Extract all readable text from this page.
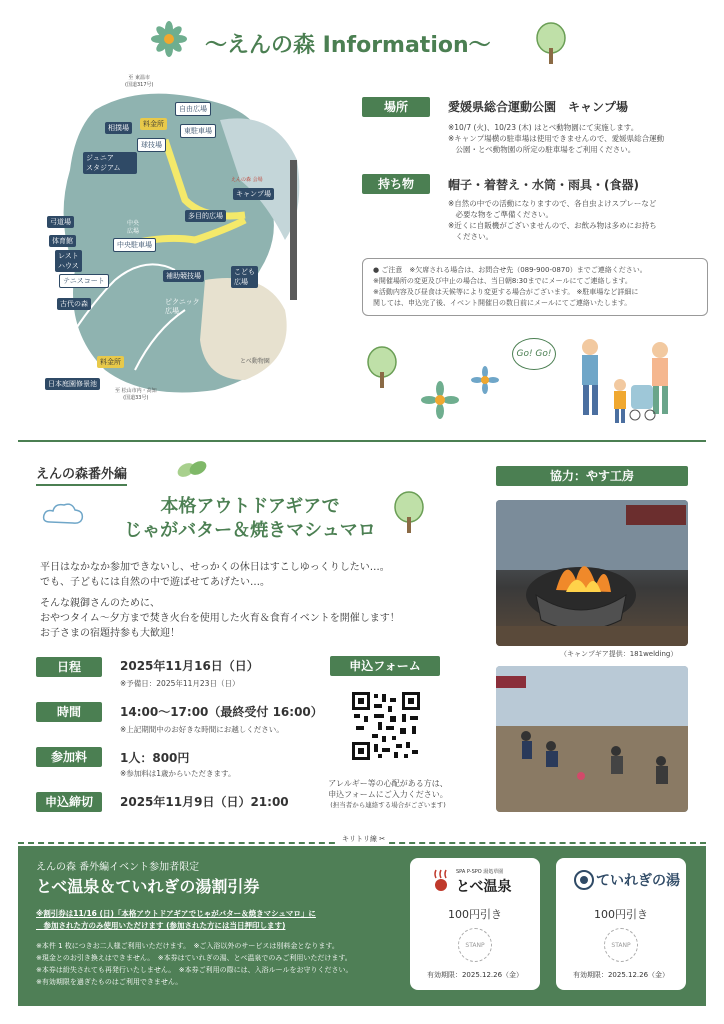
〜えんの森 Information〜
自由広場
料金所
相撲場
球技場
東駐車場
ジュニア
スタジアム
弓道場
体育館
レスト
ハウス
テニスコート
キャンプ場
多目的広場
中央駐車場
補助競技場	こども
広場
ピクニック
広場
古代の森
料金所
日本庭園修景池
とべ動物園
中央
広場
至 東温市
(国道317号)
至 松山市内・高知
(国道33号)
えんの森 会場
場所	愛媛県総合運動公園　キャンプ場
※10/7 (火)、10/23 (木) はとべ動物園にて実施します。
※キャンプ場横の駐車場は使用できませんので、愛媛県総合運動
　公園・とべ動物園の所定の駐車場をご利用ください。
持ち物	帽子・着替え・水筒・雨具・(食器)
※自然の中での活動になりますので、各自虫よけスプレーなど
　必要な物をご準備ください。
※近くに自販機がございませんので、お飲み物は多めにお持ち
　ください。
● ご注意　※欠席される場合は、お問合せ先（089-900-0870）までご連絡ください。
※開催場所の変更及び中止の場合は、当日朝8:30までにメールにてご連絡します。
※活動内容及び昼食は天候等により変更する場合がございます。 ※駐車場など詳細に
関しては、申込完了後、イベント開催日の数日前にメールにてご連絡いたします。
Go! Go!
えんの森番外編
本格アウトドアギアで
じゃがバター＆焼きマシュマロ
平日はなかなか参加できないし、せっかくの休日はすこしゆっくりしたい…。
でも、子どもには自然の中で遊ばせてあげたい…。
そんな親御さんのために、
おやつタイム〜夕方まで焚き火台を使用した火育＆食育イベントを開催します！
お子さまの宿題持参も大歓迎！
日程	2025年11月16日（日）
※予備日：2025年11月23日（日）
時間	14:00〜17:00（最終受付 16:00）
※上記期間中のお好きな時間にお越しください。
参加料	1人：800円
※参加料は1歳からいただきます。
申込締切	2025年11月9日（日）21:00
申込フォーム
アレルギー等の心配がある方は、
申込フォームにご入力ください。
(担当者から連絡する場合がございます)
協力：やす工房
（キャンプギア提供：181welding）
キリトリ線 ✂
えんの森 番外編イベント参加者限定
とべ温泉＆ていれぎの湯割引券
※割引券は11/16 (日)「本格アウトドアギアでじゃがバター＆焼きマシュマロ」に
　参加された方のみ使用いただけます (参加された方には当日押印します)
※本件 1 枚につきお二人様ご利用いただけます。　※ご入浴以外のサービスは別料金となります。
※現金とのお引き換えはできません。　※本券はていれぎの湯、とべ温泉でのみご利用いただけます。
※本券は紛失されても再発行いたしません。　※本券ご利用の際には、入浴ルールをお守りください。
※有効期限を過ぎたものはご利用できません。
SPA P-SPO 湯処草園
とべ温泉
100円引き
STANP
有効期限：2025.12.26（金）
ていれぎの湯
100円引き
STANP
有効期限：2025.12.26（金）
